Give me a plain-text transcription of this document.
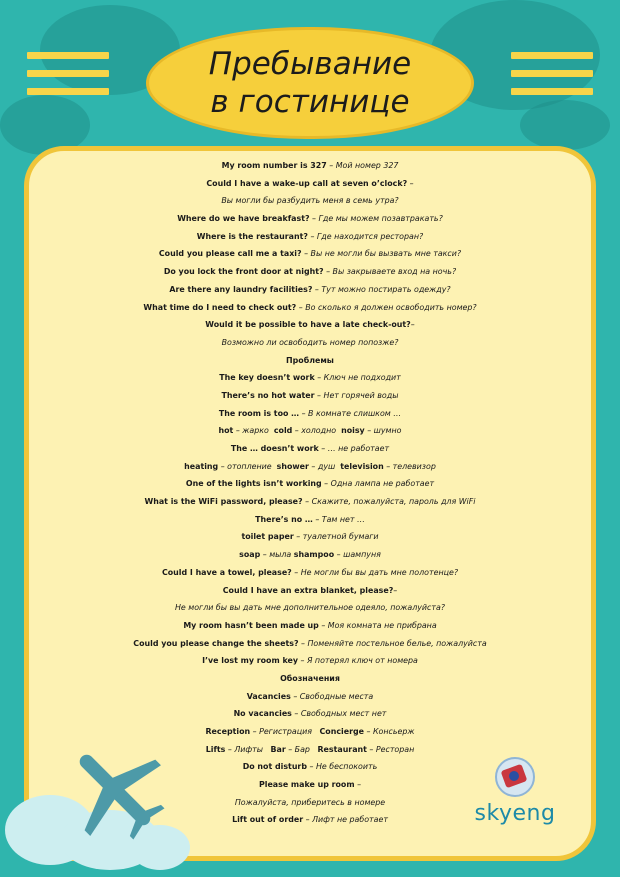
Пребывание
в гостинице
My room number is 327 – Мой номер 327
Could I have a wake-up call at seven o’clock? –
Вы могли бы разбудить меня в семь утра?
Where do we have breakfast? – Где мы можем позавтракать?
Where is the restaurant? – Где находится ресторан?
Could you please call me a taxi? – Вы не могли бы вызвать мне такси?
Do you lock the front door at night? – Вы закрываете вход на ночь?
Are there any laundry facilities? – Тут можно постирать одежду?
What time do I need to check out? – Во сколько я должен освободить номер?
Would it be possible to have a late check-out?–
Возможно ли освободить номер попозже?
Проблемы
The key doesn’t work – Ключ не подходит
There’s no hot water – Нет горячей воды
The room is too … – В комнате слишком …
hot – жарко  cold – холодно  noisy – шумно
The … doesn’t work – … не работает
heating – отопление  shower – душ  television – телевизор
One of the lights isn’t working – Одна лампа не работает
What is the WiFi password, please? – Скажите, пожалуйста, пароль для WiFi
There’s no … – Там нет …
toilet paper – туалетной бумаги
soap – мыла shampoo – шампуня
Could I have a towel, please? – Не могли бы вы дать мне полотенце?
Could I have an extra blanket, please?–
Не могли бы вы дать мне дополнительное одеяло, пожалуйста?
My room hasn’t been made up – Моя комната не прибрана
Could you please change the sheets? – Поменяйте постельное белье, пожалуйста
I’ve lost my room key – Я потерял ключ от номера
Обозначения
Vacancies – Свободные места
No vacancies – Свободных мест нет
Reception – Регистрация   Concierge – Консьерж
Lifts – Лифты   Bar – Бар   Restaurant – Ресторан
Do not disturb – Не беспокоить
Please make up room –
Пожалуйста, приберитесь в номере
Lift out of order – Лифт не работает	skyeng
